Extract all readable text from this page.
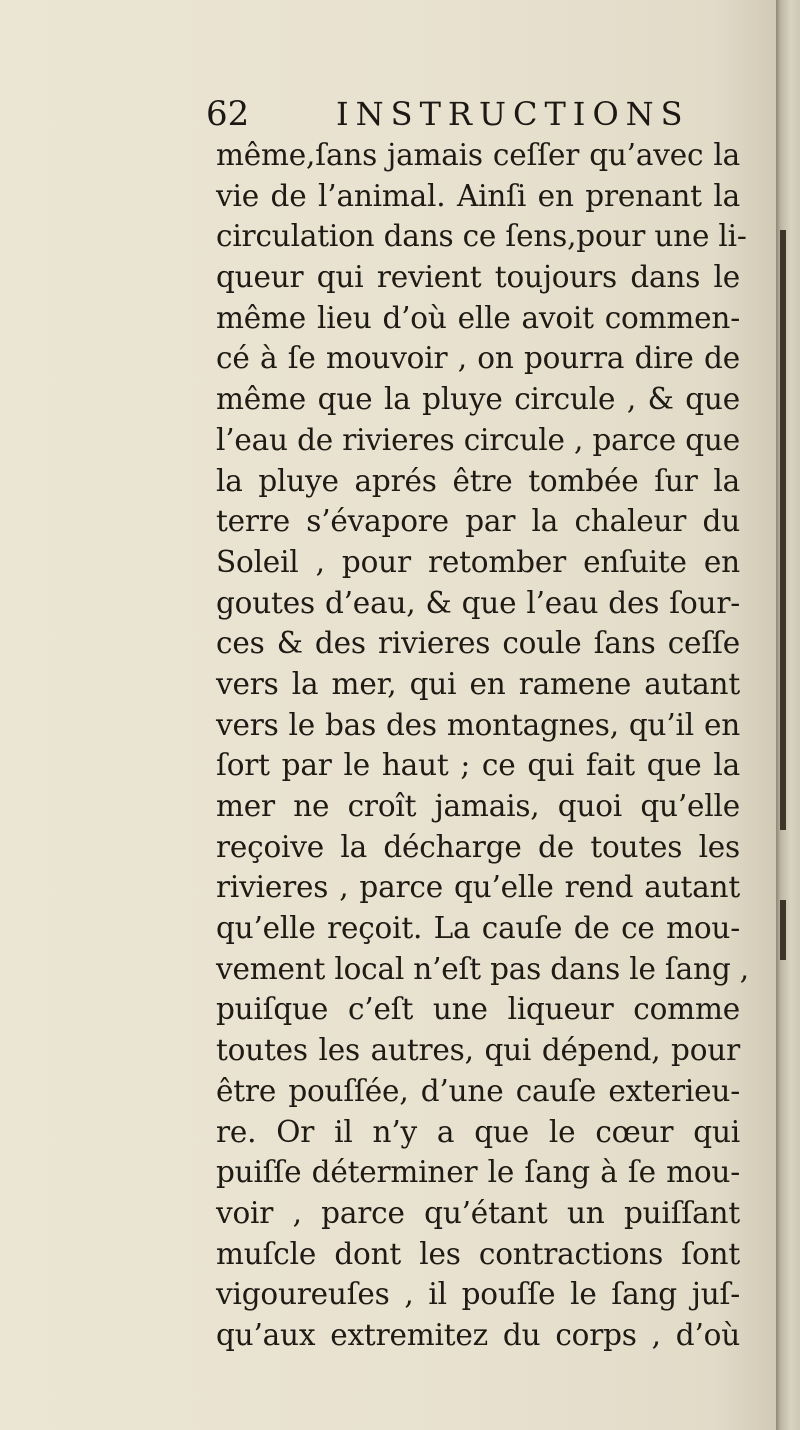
62	INSTRUCTIONS
même,ſans jamais ceſſer qu’avec la
vie de l’animal. Ainſi en prenant la
circulation dans ce ſens,pour une li-
queur qui revient toujours dans le
même lieu d’où elle avoit commen-
cé à ſe mouvoir , on pourra dire de
même que la pluye circule , & que
l’eau de rivieres circule , parce que
la pluye aprés être tombée ſur la
terre s’évapore par la chaleur du
Soleil , pour retomber enſuite en
goutes d’eau, & que l’eau des ſour-
ces & des rivieres coule ſans ceſſe
vers la mer, qui en ramene autant
vers le bas des montagnes, qu’il en
ſort par le haut ; ce qui fait que la
mer ne croît jamais, quoi qu’elle
reçoive la décharge de toutes les
rivieres , parce qu’elle rend autant
qu’elle reçoit. La cauſe de ce mou-
vement local n’eſt pas dans le ſang ,
puiſque c’eſt une liqueur comme
toutes les autres, qui dépend, pour
être pouſſée, d’une cauſe exterieu-
re. Or il n’y a que le cœur qui
puiſſe déterminer le ſang à ſe mou-
voir , parce qu’étant un puiſſant
muſcle dont les contractions ſont
vigoureuſes , il pouſſe le ſang juſ-
qu’aux extremitez du corps , d’où
